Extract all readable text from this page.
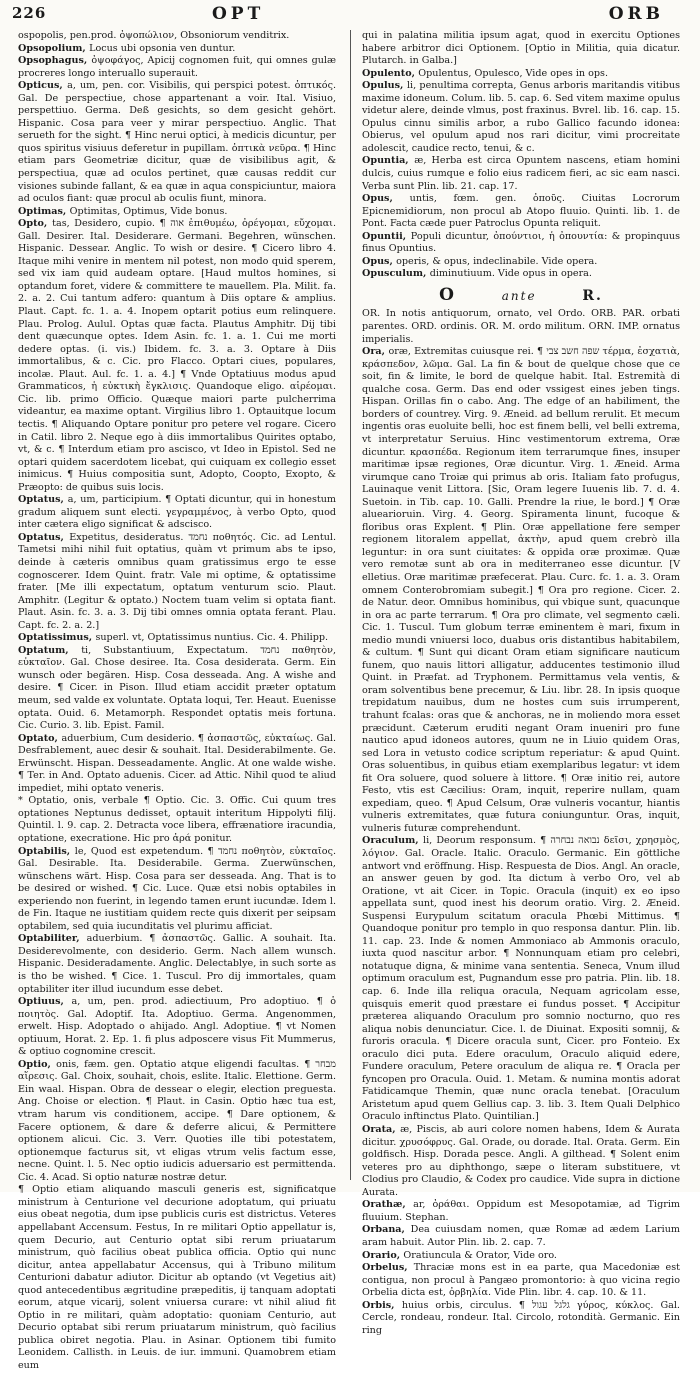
226	OPT	ORB

ospopolis, pen.prod. ὀψοπώλιον, Obsoniorum venditrix.

Opsopolium, Locus ubi opsonia ven duntur.

Opsophagus, ὀψοφάγος, Apicij cognomen fuit, qui omnes gulæ procreres longo interuallo superauit.

Opticus, a, um, pen. cor. Visibilis, qui perspici potest. ὀπτικός. Gal. De perspectiue, chose appartenant a voir. Ital. Visiuo, perspettiuo. Germa. Deß gesichts, so dem gesicht gehört. Hispanic. Cosa para veer y mirar perspectiuo. Anglic. That serueth for the sight. ¶ Hinc nerui optici, à medicis dicuntur, per quos spiritus visiuus deferetur in pupillam. ὀπτικὰ νεῦρα. ¶ Hinc etiam pars Geometriæ dicitur, quæ de visibilibus agit, & perspectiua, quæ ad oculos pertinet, quæ causas reddit cur visiones subinde fallant, & ea quæ in aqua conspiciuntur, maiora ad oculos fiant: quæ procul ab oculis fiunt, minora.

Optimas, Optimitas, Optimus, Vide bonus.

Opto, tas, Desidero, cupio. ¶ אוה ἐπιθυμέω, ὀρέγομαι, εὔχομαι. Gall. Desirer. Ital. Desiderare. Germani. Begehren, wünschen. Hispanic. Dessear. Anglic. To wish or desire. ¶ Cicero libro 4. Itaque mihi venire in mentem nil potest, non modo quid sperem, sed vix iam quid audeam optare. [Haud multos homines, si optandum foret, videre & committere te mauellem. Pla. Milit. fa. 2. a. 2. Cui tantum adfero: quantum à Diis optare & amplius. Plaut. Capt. fc. 1. a. 4. Inopem optarit potius eum relinquere. Plau. Prolog. Aulul. Optas quæ facta. Plautus Amphitr. Dij tibi dent quæcunque optes. Idem Asin. fc. 1. a. 1. Cui me morti dedere optas. (i. vis.) Ibidem. fc. 3. a. 3. Optare à Diis immortalibus, & c. Cic. pro Flacco. Optari ciues, populares, incolæ. Plaut. Aul. fc. 1. a. 4.] ¶ Vnde Optatiuus modus apud Grammaticos, ἡ εὐκτικὴ ἔγκλισις. Quandoque eligo. αἱρέομαι. Cic. lib. primo Officio. Quæque maiori parte pulcherrima videantur, ea maxime optant. Virgilius libro 1. Optauitque locum tectis. ¶ Aliquando Optare ponitur pro petere vel rogare. Cicero in Catil. libro 2. Neque ego à diis immortalibus Quirites optabo, vt, & c. ¶ Interdum etiam pro ascisco, vt Ideo in Epistol. Sed ne optari quidem sacerdotem licebat, qui cuiquam ex collegio esset inimicus. ¶ Huius compositia sunt, Adopto, Coopto, Exopto, & Præopto: de quibus suis locis.

Optatus, a, um, participium. ¶ Optati dicuntur, qui in honestum gradum aliquem sunt electi. γεγραμμένος, à verbo Opto, quod inter cætera eligo significat & adscisco.

Optatus, Expetitus, desideratus. נחמד ποθητός. Cic. ad Lentul. Tametsi mihi nihil fuit optatius, quàm vt primum abs te ipso, deinde à cæteris omnibus quam gratissimus ergo te esse cognoscerer. Idem Quint. fratr. Vale mi optime, & optatissime frater. [Me illi expectatum, optatum venturum scio. Plaut. Amphitr. (Legitur & optato.) Noctem tuam velim si optata fiant. Plaut. Asin. fc. 3. a. 3. Dij tibi omnes omnia optata ferant. Plau. Capt. fc. 2. a. 2.]

Optatissimus, superl. vt, Optatissimus nuntius. Cic. 4. Philipp.

Optatum, ti, Substantiuum, Expectatum. נחמד παθητὸν, εὐκταῖον. Gal. Chose desiree. Ita. Cosa desiderata. Germ. Ein wunsch oder begären. Hisp. Cosa desseada. Ang. A wishe and desire. ¶ Cicer. in Pison. Illud etiam accidit præter optatum meum, sed valde ex voluntate. Optata loqui, Ter. Heaut. Euenisse optata. Ouid. 6. Metamorph. Respondet optatis meis fortuna. Cic. Curio. 3. lib. Epist. Famil.

Optato, aduerbium, Cum desiderio. ¶ ἀσπαστῶς, εὐκταίως. Gal. Desfrablement, auec desir & souhait. Ital. Desiderabilmente. Ge. Erwünscht. Hispan. Desseadamente. Anglic. At one walde wishe. ¶ Ter. in And. Optato aduenis. Cicer. ad Attic. Nihil quod te aliud impediet, mihi optato veneris.

* Optatio, onis, verbale ¶ Optio. Cic. 3. Offic. Cui quum tres optationes Neptunus dedisset, optauit interitum Hippolyti filij. Quintil. l. 9. cap. 2. Detracta voce libera, effrænatiore iracundia, optatione, execratione. Hic pro ἀρά ponitur.

Optabilis, le, Quod est expetendum. ¶ נחמד ποθητὸν, εὐκταῖος. Gal. Desirable. Ita. Desiderabile. Germa. Zuerwünschen, wünschens wärt. Hisp. Cosa para ser desseada. Ang. That is to be desired or wished. ¶ Cic. Luce. Quæ etsi nobis optabiles in experiendo non fuerint, in legendo tamen erunt iucundæ. Idem l. de Fin. Itaque ne iustitiam quidem recte quis dixerit per seipsam optabilem, sed quia iucunditatis vel plurimu afficiat.

Optabiliter, aduerbium. ¶ ἀσπαστῶς. Gallic. A souhait. Ita. Desiderevolmente, con desiderio. Germ. Nach allem wunsch. Hispanic. Desideradamente. Anglic. Delectablye, in such sorte as is tho be wished. ¶ Cice. 1. Tuscul. Pro dij immortales, quam optabiliter iter illud iucundum esse debet.

Optiuus, a, um, pen. prod. adiectiuum, Pro adoptiuo. ¶ ὁ ποιητὸς. Gal. Adoptif. Ita. Adoptiuo. Germa. Angenommen, erwelt. Hisp. Adoptado o ahijado. Angl. Adoptiue. ¶ vt Nomen optiuum, Horat. 2. Ep. 1. fi plus adposcere visus Fit Mummerus, & optiuo cognomine crescit.

Optio, onis, fæm. gen. Optatio atque eligendi facultas. ¶ מבחר αἵρεσις. Gal. Choix, souhait, chois, eslite. Italic. Elettione. Germ. Ein waal. Hispan. Obra de dessear o elegir, election preguesta. Ang. Choise or election. ¶ Plaut. in Casin. Optio hæc tua est, vtram harum vis conditionem, accipe. ¶ Dare optionem, & Facere optionem, & dare & deferre alicui, & Permittere optionem alicui. Cic. 3. Verr. Quoties ille tibi potestatem, optionemque facturus sit, vt eligas vtrum velis factum esse, necne. Quint. l. 5. Nec optio iudicis aduersario est permittenda. Cic. 4. Acad. Si optio naturæ nostræ detur.

¶ Optio etiam aliquando masculi generis est, significatque ministrum à Centurione vel decurione adoptatum, qui priuatu eius obeat negotia, dum ipse publicis curis est districtus. Veteres appellabant Accensum. Festus, In re militari Optio appellatur is, quem Decurio, aut Centurio optat sibi rerum priuatarum ministrum, quò facilius obeat publica officia. Optio qui nunc dicitur, antea appellabatur Accensus, qui à Tribuno militum Centurioni dabatur adiutor. Dicitur ab optando (vt Vegetius ait) quod antecedentibus ægritudine præpeditis, ij tanquam adoptati eorum, atque vicarij, solent vniuersa curare: vt nihil aliud fit Optio in re militari, quàm adoptatio: quoniam Centurio, aut Decurio optabat sibi rerum priuatarum ministrum, quò facilius publica obiret negotia. Plau. in Asinar. Optionem tibi fumito Leonidem. Callisth. in Leuis. de iur. immuni. Quamobrem etiam eum

qui in palatina militia ipsum agat, quod in exercitu Optiones habere arbitror dici Optionem. [Optio in Militia, quia dicatur. Plutarch. in Galba.]

Opulento, Opulentus, Opulesco, Vide opes in ops.

Opulus, li, penultima correpta, Genus arboris maritandis vitibus maxime idoneum. Colum. lib. 5. cap. 6. Sed vitem maxime opulus videtur alere, deinde vlmus, post fraxinus. Bvrel. lib. 16. cap. 15. Opulus cinnu similis arbor, a rubo Gallico facundo idonea: Obierus, vel opulum apud nos rari dicitur, vimi procreitate adolescit, caudice recto, tenui, & c.

Opuntia, æ, Herba est circa Opuntem nascens, etiam homini dulcis, cuius rumque e folio eius radicem fieri, ac sic eam nasci. Verba sunt Plin. lib. 21. cap. 17.

Opus, untis, fœm. gen. ὀποῦς. Ciuitas Locrorum Epicnemidiorum, non procul ab Atopo fluuio. Quinti. lib. 1. de Pont. Facta cæde puer Patroclus Opunta reliquit.

Opuntii, Populi dicuntur, ὀπούντιοι, ἡ ὀπουντία: & propinquus finus Opuntius.

Opus, operis, & opus, indeclinabile. Vide opera.

Opusculum, diminutiuum. Vide opus in opera.

O	ante	R.

OR. In notis antiquorum, ornato, vel Ordo. ORB. PAR. orbati parentes. ORD. ordinis. OR. M. ordo militum. ORN. IMP. ornatus imperialis.

Ora, oræ, Extremitas cuiusque rei. ¶ שפה חשב צבי τέρμα, ἐσχατιὰ, κράσπεδον, λῶμα. Gal. La fin & bout de quelque chose que ce soit, fin & limite, le bord de quelque habit. Ital. Estremità di qualche cosa. Germ. Das end oder vssigest eines jeben tings. Hispan. Orillas fin o cabo. Ang. The edge of an habiliment, the borders of countrey. Virg. 9. Æneid. ad bellum rerulit. Et mecum ingentis oras euoluite belli, hoc est finem belli, vel belli extrema, vt interpretatur Seruius. Hinc vestimentorum extrema, Oræ dicuntur. κρασπέδα. Regionum item terrarumque fines, insuper maritimæ ipsæ regiones, Oræ dicuntur. Virg. 1. Æneid. Arma virumque cano Troiæ qui primus ab oris. Italiam fato profugus, Lauinaque venit Littora. [Sic, Oram legere Iuuenis lib. 7. d. 4. Suetoin. in Tib. cap. 10. Galli. Prendre la riue, le bord.] ¶ Oræ aluearioruin. Virg. 4. Georg. Spiramenta linunt, fucoque & floribus oras Explent. ¶ Plin. Oræ appellatione fere semper regionem litoralem appellat, ἀκτὴν, apud quem crebrò illa leguntur: in ora sunt ciuitates: & oppida oræ proximæ. Quæ vero remotæ sunt ab ora in mediterraneo esse dicuntur. [V elletius. Oræ maritimæ præfecerat. Plau. Curc. fc. 1. a. 3. Oram omnem Conterobromiam subegit.] ¶ Ora pro regione. Cicer. 2. de Natur. deor. Omnibus hominibus, qui vbique sunt, quacunque in ora ac parte terrarum. ¶ Ora pro climate, vel segmento cæli. Cic. 1. Tuscul. Tum globum terræ eminentem è mari, fixum in medio mundi vniuersi loco, duabus oris distantibus habitabilem, & cultum. ¶ Sunt qui dicant Oram etiam significare nauticum funem, quo nauis littori alligatur, adducentes testimonio illud Quint. in Præfat. ad Tryphonem. Permittamus vela ventis, & oram solventibus bene precemur, & Liu. libr. 28. In ipsis quoque trepidatum nauibus, dum ne hostes cum suis irrumperent, trahunt fcalas: oras que & anchoras, ne in moliendo mora esset præcidunt. Cæterum eruditi negant Oram inueniri pro fune nautico apud idoneos autores, quum ne in Liuio quidem Oras, sed Lora in vetusto codice scriptum reperiatur: & apud Quint. Oras soluentibus, in quibus etiam exemplaribus legatur: vt idem fit Ora soluere, quod soluere à littore. ¶ Oræ initio rei, autore Festo, vtis est Cæcilius: Oram, inquit, reperire nullam, quam expediam, queo. ¶ Apud Celsum, Oræ vulneris vocantur, hiantis vulneris extremitates, quæ futura coniunguntur. Oras, inquit, vulneris futuræ comprehendunt.

Oraculum, li, Deorum responsum. ¶ נבואה נבחרה δεῖσι, χρησμὸς, λόγιον. Gal. Oracle. Italic. Oraculo. Germanic. Ein göttliche antwort vnd eröffnung. Hisp. Respuesta de Dios. Angl. An oracle, an answer geuen by god. Ita dictum à verbo Oro, vel ab Oratione, vt ait Cicer. in Topic. Oracula (inquit) ex eo ipso appellata sunt, quod inest his deorum oratio. Virg. 2. Æneid. Suspensi Eurypulum scitatum oracula Phœbi Mittimus. ¶ Quandoque ponitur pro templo in quo responsa dantur. Plin. lib. 11. cap. 23. Inde & nomen Ammoniaco ab Ammonis oraculo, iuxta quod nascitur arbor. ¶ Nonnunquam etiam pro celebri, notatuque digna, & minime vana sententia. Seneca, Vnum illud optimum oraculum est, Pugnandum esse pro patria. Plin. lib. 18. cap. 6. Inde illa reliqua oracula, Nequam agricolam esse, quisquis emerit quod præstare ei fundus posset. ¶ Accipitur præterea aliquando Oraculum pro somnio nocturno, quo res aliqua nobis denunciatur. Cice. l. de Diuinat. Expositi somnij, & furoris oracula. ¶ Dicere oracula sunt, Cicer. pro Fonteio. Ex oraculo dici puta. Edere oraculum, Oraculo aliquid edere, Fundere oraculum, Petere oraculum de aliqua re. ¶ Oracla per fyncopen pro Oracula. Ouid. 1. Metam. & numina montis adorat Fatidicamque Themin, quæ nunc oracla tenebat. [Oraculum Aristetum apud quem Gellius cap. 3. lib. 3. Item Quali Delphico Oraculo inftinctus Plato. Quintilian.]

Orata, æ, Piscis, ab auri colore nomen habens, Idem & Aurata dicitur. χρυσόφρυς. Gal. Orade, ou dorade. Ital. Orata. Germ. Ein goldfisch. Hisp. Dorada pesce. Angli. A gilthead. ¶ Solent enim veteres pro au diphthongo, sæpe o literam substituere, vt Clodius pro Claudio, & Codex pro caudice. Vide supra in dictione Aurata.

Orathæ, ar, ὀράθαι. Oppidum est Mesopotamiæ, ad Tigrim fluuium. Stephan.

Orbana, Dea cuiusdam nomen, quæ Romæ ad ædem Larium aram habuit. Autor Plin. lib. 2. cap. 7.

Orario, Oratiuncula & Orator, Vide oro.

Orbelus, Thraciæ mons est in ea parte, qua Macedoniæ est contigua, non procul à Pangæo promontorio: à quo vicina regio Orbelia dicta est, ὀρβηλία. Vide Plin. libr. 4. cap. 10. & 11.

Orbis, huius orbis, circulus. ¶ גלגל עגול γύρος, κύκλος. Gal. Cercle, rondeau, rondeur. Ital. Circolo, rotondità. Germanic. Ein ring
